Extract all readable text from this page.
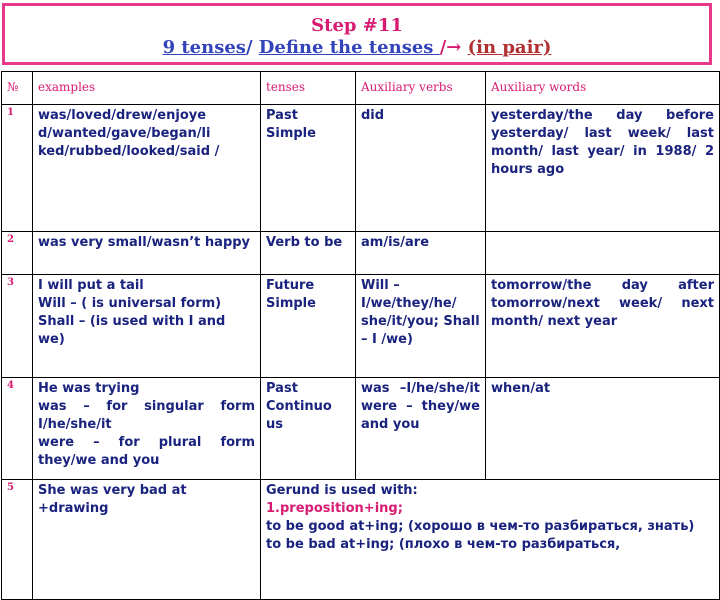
Step #11
9 tenses/ Define the tenses /→ (in pair)
№	examples	tenses	Auxiliary verbs	Auxiliary words
1	was/loved/drew/enjoye d/wanted/gave/began/li ked/rubbed/looked/said /	Past Simple	did	yesterday/the day before yesterday/ last week/ last month/ last year/ in 1988/ 2 hours ago
2	was very small/wasn’t happy	Verb to be	am/is/are	
3	I will put a tail
Will – ( is universal form)
Shall – (is used with I and we)	Future Simple	Will – I/we/they/he/ she/it/you; Shall – I /we)	tomorrow/the day after tomorrow/next week/ next month/ next year
4	He was trying
was – for singular form I/he/she/it
were – for plural form they/we and you	Past Continuo us	was –I/he/she/it were – they/we and you	when/at
5	She was very bad at +drawing	Gerund is used with:
1.preposition+ing;
to be good at+ing; (хорошо в чем-то разбираться, знать)
to be bad at+ing; (плохо в чем-то разбираться,		
